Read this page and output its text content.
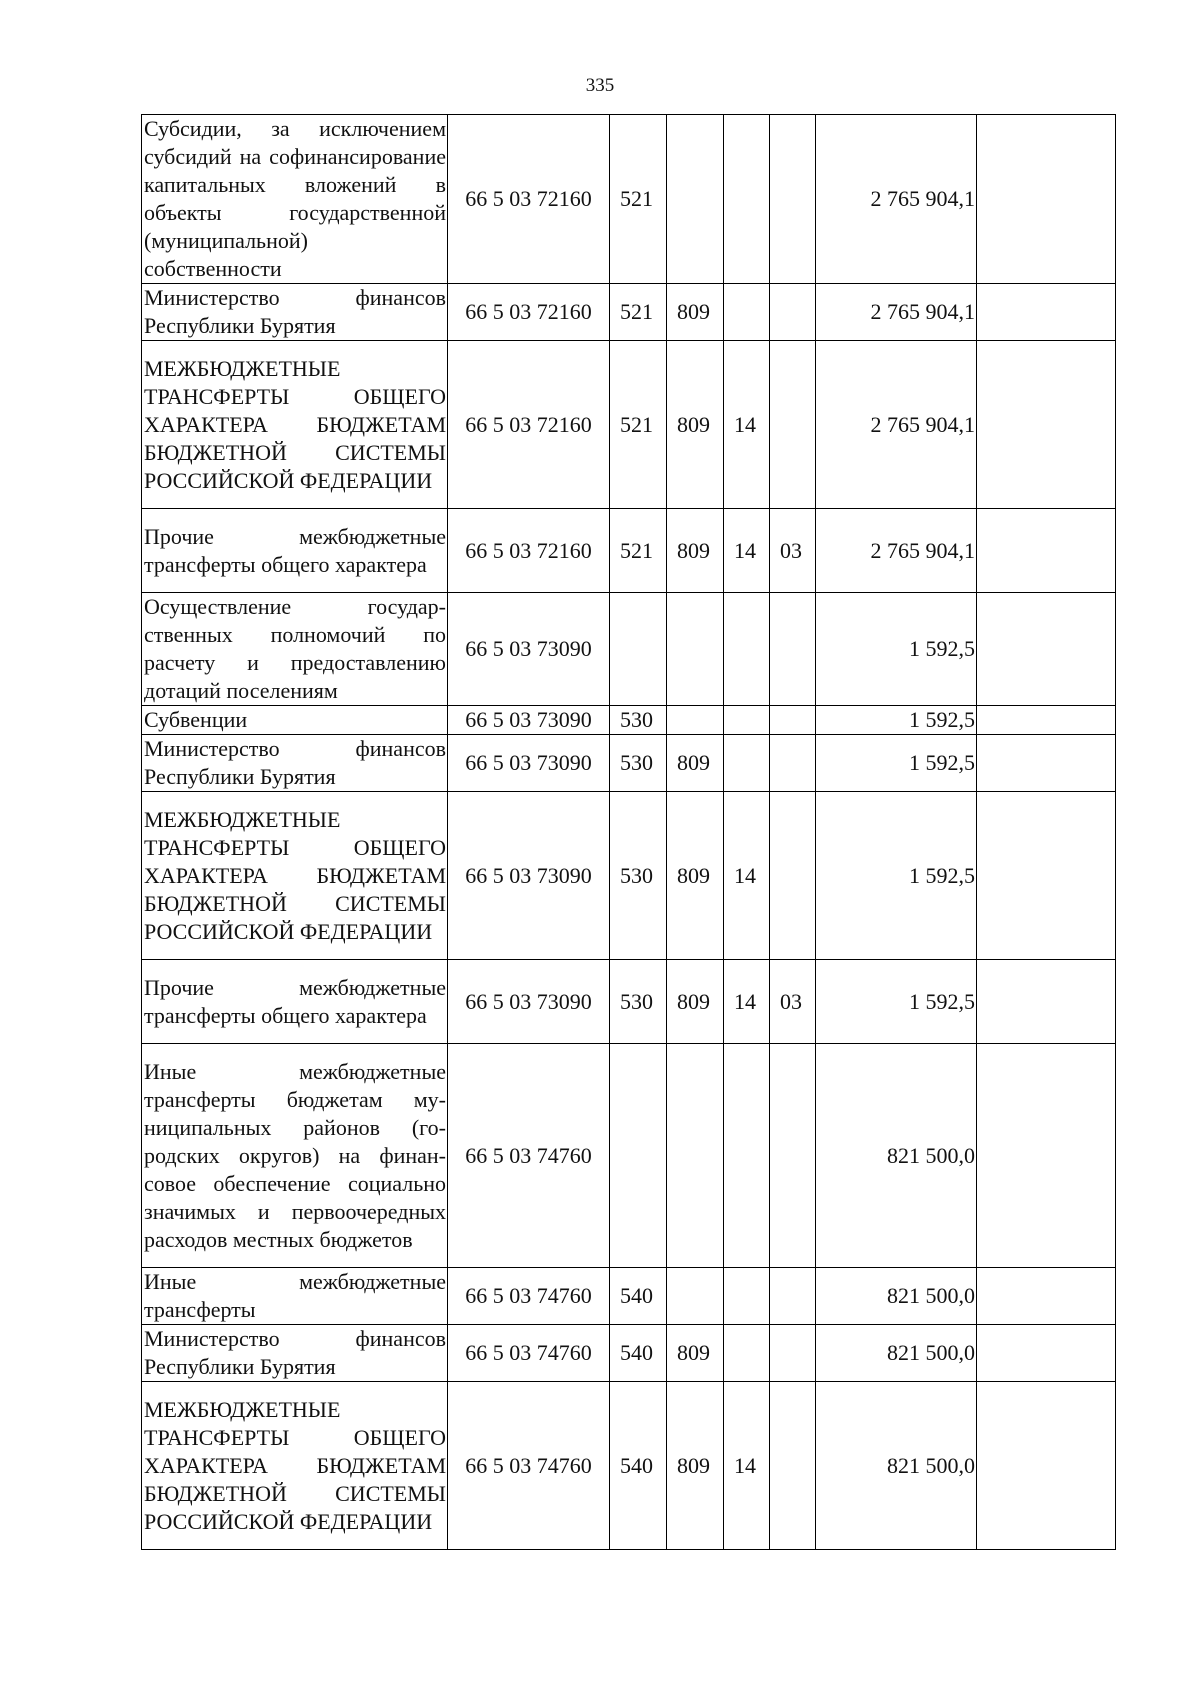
335
Субсидии, за исключением субсидий на софинансирование капитальных вложений в объекты государственной (муниципальной) собственности	66 5 03 72160	521				2 765 904,1	
Министерство финансов Республики Бурятия	66 5 03 72160	521	809			2 765 904,1	
МЕЖБЮДЖЕТНЫЕ ТРАНСФЕРТЫ ОБЩЕГО ХАРАКТЕРА БЮДЖЕТАМ БЮДЖЕТНОЙ СИСТЕМЫ РОССИЙСКОЙ ФЕДЕРАЦИИ	66 5 03 72160	521	809	14		2 765 904,1	
Прочие межбюджетные трансферты общего характера	66 5 03 72160	521	809	14	03	2 765 904,1	
Осуществление государственных полномочий по расчету и предоставлению дотаций поселениям	66 5 03 73090					1 592,5	
Субвенции	66 5 03 73090	530				1 592,5	
Министерство финансов Республики Бурятия	66 5 03 73090	530	809			1 592,5	
МЕЖБЮДЖЕТНЫЕ ТРАНСФЕРТЫ ОБЩЕГО ХАРАКТЕРА БЮДЖЕТАМ БЮДЖЕТНОЙ СИСТЕМЫ РОССИЙСКОЙ ФЕДЕРАЦИИ	66 5 03 73090	530	809	14		1 592,5	
Прочие межбюджетные трансферты общего характера	66 5 03 73090	530	809	14	03	1 592,5	
Иные межбюджетные трансферты бюджетам муниципальных районов (городских округов) на финансовое обеспечение социально значимых и первоочередных расходов местных бюджетов	66 5 03 74760					821 500,0	
Иные межбюджетные трансферты	66 5 03 74760	540				821 500,0	
Министерство финансов Республики Бурятия	66 5 03 74760	540	809			821 500,0	
МЕЖБЮДЖЕТНЫЕ ТРАНСФЕРТЫ ОБЩЕГО ХАРАКТЕРА БЮДЖЕТАМ БЮДЖЕТНОЙ СИСТЕМЫ РОССИЙСКОЙ ФЕДЕРАЦИИ	66 5 03 74760	540	809	14		821 500,0	
